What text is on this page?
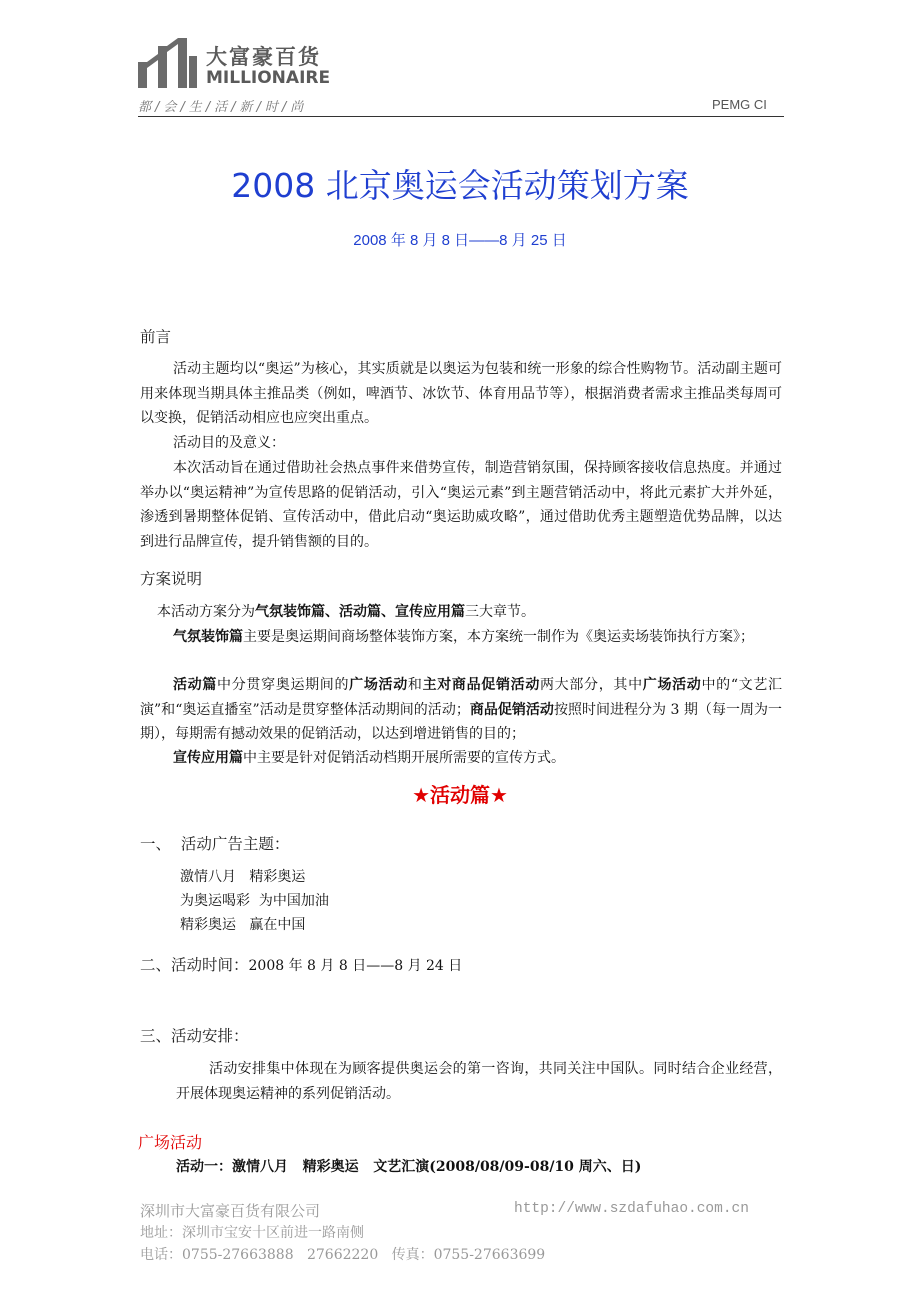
大富豪百货
MILLIONAIRE
都/会/生/活/新/时/尚	PEMG CI
2008 北京奥运会活动策划方案
2008 年 8 月 8 日——8 月 25 日
前言
活动主题均以“奥运”为核心，其实质就是以奥运为包装和统一形象的综合性购物节。活动副主题可用来体现当期具体主推品类（例如，啤酒节、冰饮节、体育用品节等），根据消费者需求主推品类每周可以变换，促销活动相应也应突出重点。
活动目的及意义：
本次活动旨在通过借助社会热点事件来借势宣传，制造营销氛围，保持顾客接收信息热度。并通过举办以“奥运精神”为宣传思路的促销活动，引入“奥运元素”到主题营销活动中，将此元素扩大并外延，渗透到暑期整体促销、宣传活动中，借此启动“奥运助威攻略”，通过借助优秀主题塑造优势品牌，以达到进行品牌宣传，提升销售额的目的。
方案说明
本活动方案分为气氛装饰篇、活动篇、宣传应用篇三大章节。
气氛装饰篇主要是奥运期间商场整体装饰方案，本方案统一制作为《奥运卖场装饰执行方案》；
活动篇中分贯穿奥运期间的广场活动和主对商品促销活动两大部分，其中广场活动中的“文艺汇演”和“奥运直播室”活动是贯穿整体活动期间的活动；商品促销活动按照时间进程分为 3 期（每一周为一期），每期需有撼动效果的促销活动，以达到增进销售的目的；
宣传应用篇中主要是针对促销活动档期开展所需要的宣传方式。
★活动篇★
一、  活动广告主题：
激情八月   精彩奥运
为奥运喝彩  为中国加油
精彩奥运   赢在中国
二、活动时间：2008 年 8 月 8 日——8 月 24 日
三、活动安排：
活动安排集中体现在为顾客提供奥运会的第一咨询，共同关注中国队。同时结合企业经营，开展体现奥运精神的系列促销活动。
广场活动
活动一：激情八月   精彩奥运   文艺汇演(2008/08/09-08/10 周六、日)
深圳市大富豪百货有限公司	http://www.szdafuhao.com.cn
地址：深圳市宝安十区前进一路南侧
电话：0755-27663888   27662220   传真：0755-27663699
